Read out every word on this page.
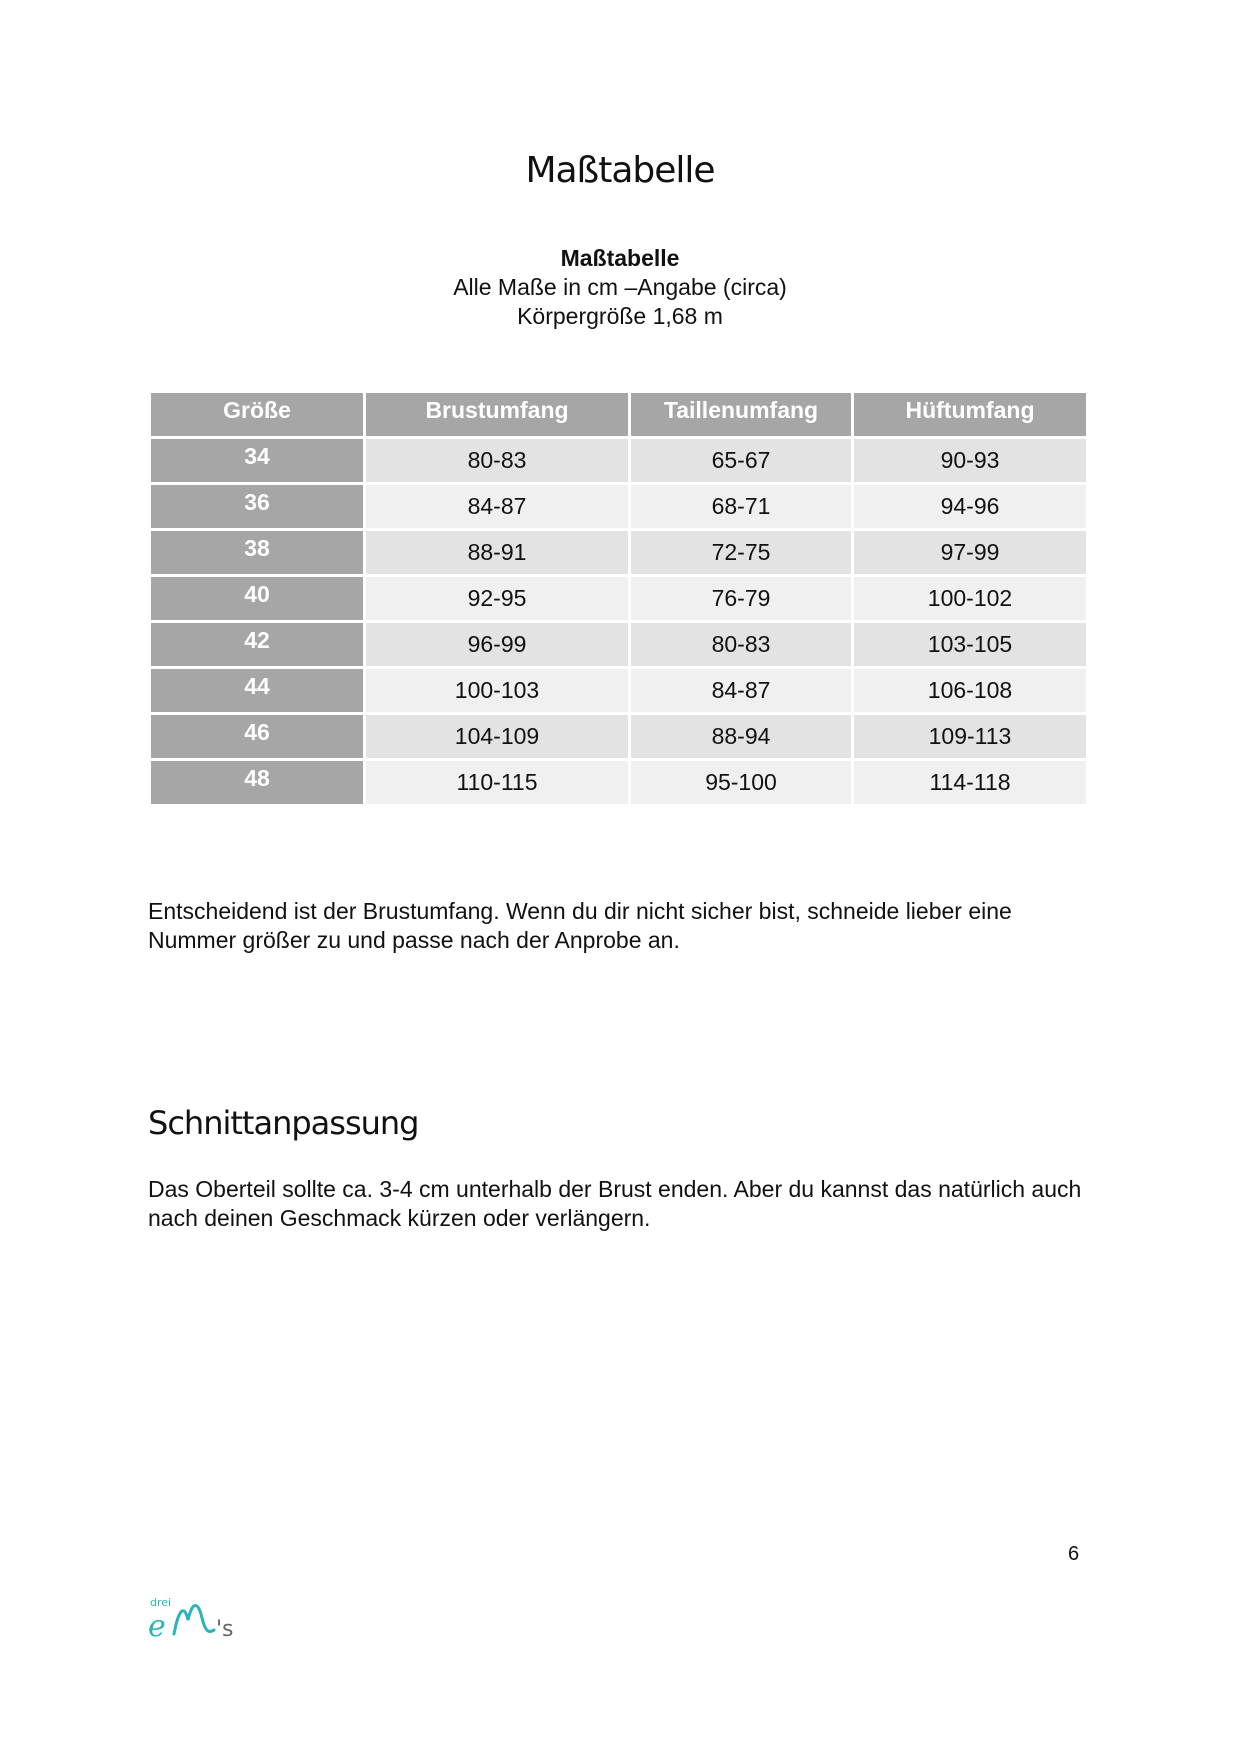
Maßtabelle
Maßtabelle
Alle Maße in cm –Angabe (circa)
Körpergröße 1,68 m
Größe	Brustumfang	Taillenumfang	Hüftumfang
34	80-83	65-67	90-93
36	84-87	68-71	94-96
38	88-91	72-75	97-99
40	92-95	76-79	100-102
42	96-99	80-83	103-105
44	100-103	84-87	106-108
46	104-109	88-94	109-113
48	110-115	95-100	114-118

Entscheidend ist der Brustumfang. Wenn du dir nicht sicher bist, schneide lieber eine Nummer größer zu und passe nach der Anprobe an.

Schnittanpassung

Das Oberteil sollte ca. 3-4 cm unterhalb der Brust enden. Aber du kannst das natürlich auch nach deinen Geschmack kürzen oder verlängern.

6
drei
e 's
